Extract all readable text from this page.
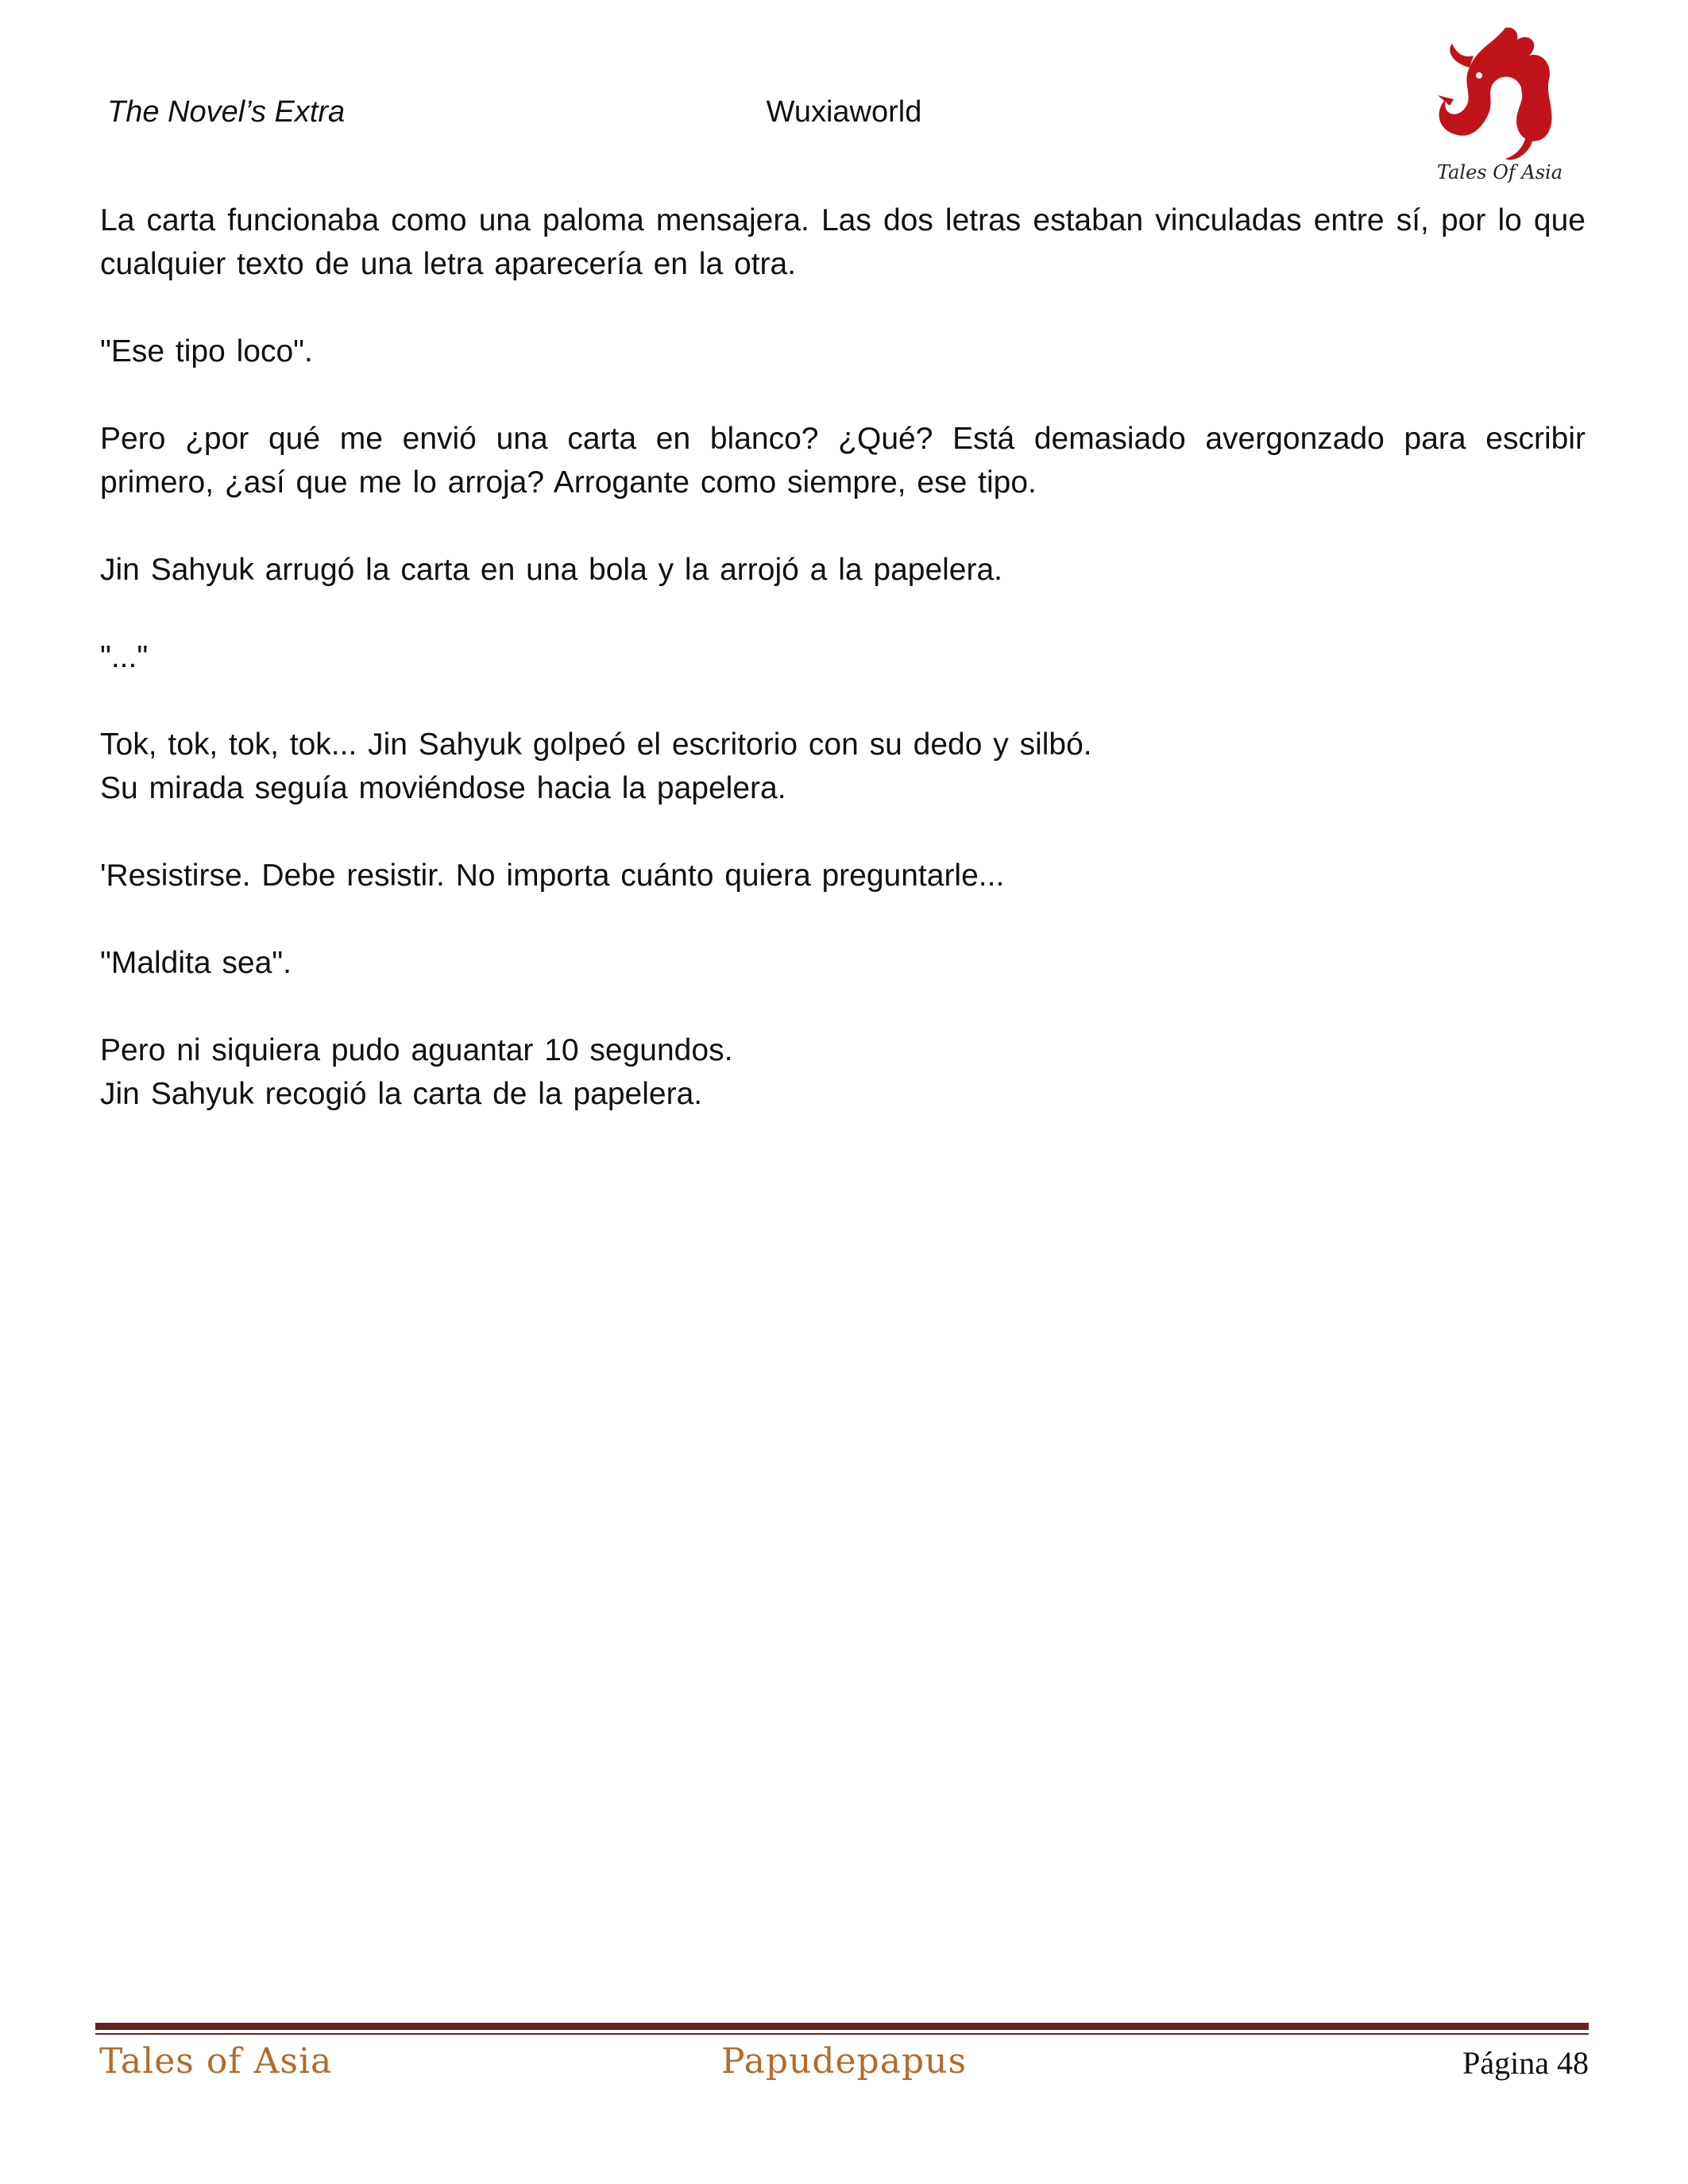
The Novel’s Extra	Wuxiaworld
Tales Of Asia

La carta funcionaba como una paloma mensajera. Las dos letras estaban vinculadas entre sí, por lo que cualquier texto de una letra aparecería en la otra.

"Ese tipo loco".

Pero ¿por qué me envió una carta en blanco? ¿Qué? Está demasiado avergonzado para escribir primero, ¿así que me lo arroja? Arrogante como siempre, ese tipo.

Jin Sahyuk arrugó la carta en una bola y la arrojó a la papelera.

"..."

Tok, tok, tok, tok... Jin Sahyuk golpeó el escritorio con su dedo y silbó.
Su mirada seguía moviéndose hacia la papelera.

'Resistirse. Debe resistir. No importa cuánto quiera preguntarle...

"Maldita sea".

Pero ni siquiera pudo aguantar 10 segundos.
Jin Sahyuk recogió la carta de la papelera.

Tales of Asia	Papudepapus	Página 48
